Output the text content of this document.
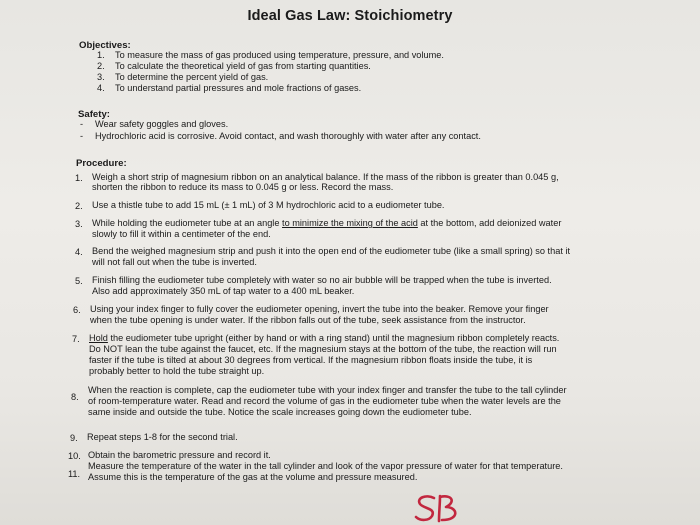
Ideal Gas Law: Stoichiometry
Objectives:
1. To measure the mass of gas produced using temperature, pressure, and volume.
2. To calculate the theoretical yield of gas from starting quantities.
3. To determine the percent yield of gas.
4. To understand partial pressures and mole fractions of gases.
Safety:
- Wear safety goggles and gloves.
- Hydrochloric acid is corrosive. Avoid contact, and wash thoroughly with water after any contact.
Procedure:
1. Weigh a short strip of magnesium ribbon on an analytical balance. If the mass of the ribbon is greater than 0.045 g,
shorten the ribbon to reduce its mass to 0.045 g or less. Record the mass.
2. Use a thistle tube to add 15 mL (± 1 mL) of 3 M hydrochloric acid to a eudiometer tube.
3. While holding the eudiometer tube at an angle to minimize the mixing of the acid at the bottom, add deionized water
slowly to fill it within a centimeter of the end.
4. Bend the weighed magnesium strip and push it into the open end of the eudiometer tube (like a small spring) so that it
will not fall out when the tube is inverted.
5. Finish filling the eudiometer tube completely with water so no air bubble will be trapped when the tube is inverted.
Also add approximately 350 mL of tap water to a 400 mL beaker.
6. Using your index finger to fully cover the eudiometer opening, invert the tube into the beaker. Remove your finger
when the tube opening is under water. If the ribbon falls out of the tube, seek assistance from the instructor.
7. Hold the eudiometer tube upright (either by hand or with a ring stand) until the magnesium ribbon completely reacts.
Do NOT lean the tube against the faucet, etc. If the magnesium stays at the bottom of the tube, the reaction will run
faster if the tube is tilted at about 30 degrees from vertical. If the magnesium ribbon floats inside the tube, it is
probably better to hold the tube straight up.
8.
When the reaction is complete, cap the eudiometer tube with your index finger and transfer the tube to the tall cylinder
of room-temperature water. Read and record the volume of gas in the eudiometer tube when the water levels are the
same inside and outside the tube. Notice the scale increases going down the eudiometer tube.
9. Repeat steps 1-8 for the second trial.
10. Obtain the barometric pressure and record it.
11.
Measure the temperature of the water in the tall cylinder and look of the vapor pressure of water for that temperature.
Assume this is the temperature of the gas at the volume and pressure measured.
